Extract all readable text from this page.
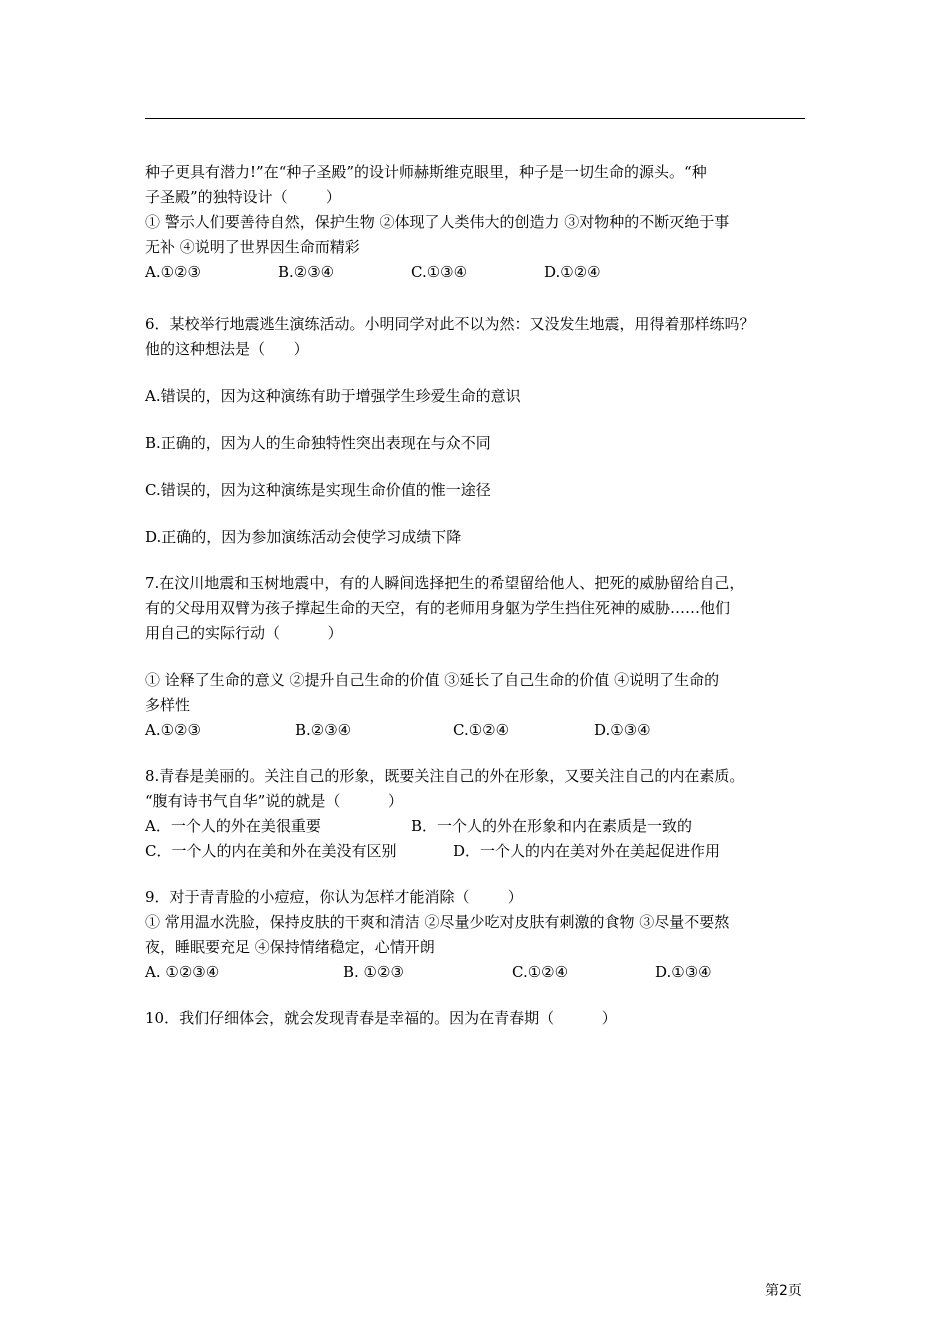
种子更具有潜力!”在“种子圣殿”的设计师赫斯维克眼里，种子是一切生命的源头。“种

子圣殿”的独特设计（        ）

① 警示人们要善待自然，保护生物 ②体现了人类伟大的创造力 ③对物种的不断灭绝于事

无补 ④说明了世界因生命而精彩

A.①②③	B.②③④	C.①③④	D.①②④

6．某校举行地震逃生演练活动。小明同学对此不以为然：又没发生地震，用得着那样练吗？

他的这种想法是（      ）

A.错误的，因为这种演练有助于增强学生珍爱生命的意识

B.正确的，因为人的生命独特性突出表现在与众不同

C.错误的，因为这种演练是实现生命价值的惟一途径

D.正确的，因为参加演练活动会使学习成绩下降

7.在汶川地震和玉树地震中，有的人瞬间选择把生的希望留给他人、把死的威胁留给自己，

有的父母用双臂为孩子撑起生命的天空，有的老师用身躯为学生挡住死神的威胁……他们

用自己的实际行动（          ）

① 诠释了生命的意义 ②提升自己生命的价值 ③延长了自己生命的价值 ④说明了生命的

多样性

A.①②③	B.②③④	C.①②④	D.①③④

8.青春是美丽的。关注自己的形象，既要关注自己的外在形象，又要关注自己的内在素质。

“腹有诗书气自华”说的就是（          ）

A．一个人的外在美很重要	B．一个人的外在形象和内在素质是一致的
C．一个人的内在美和外在美没有区别	D．一个人的内在美对外在美起促进作用

9．对于青青脸的小痘痘，你认为怎样才能消除（        ）

① 常用温水洗脸，保持皮肤的干爽和清洁 ②尽量少吃对皮肤有刺激的食物 ③尽量不要熬

夜，睡眠要充足 ④保持情绪稳定，心情开朗

A. ①②③④	B. ①②③	C.①②④	D.①③④

10．我们仔细体会，就会发现青春是幸福的。因为在青春期（          ）

第2页
